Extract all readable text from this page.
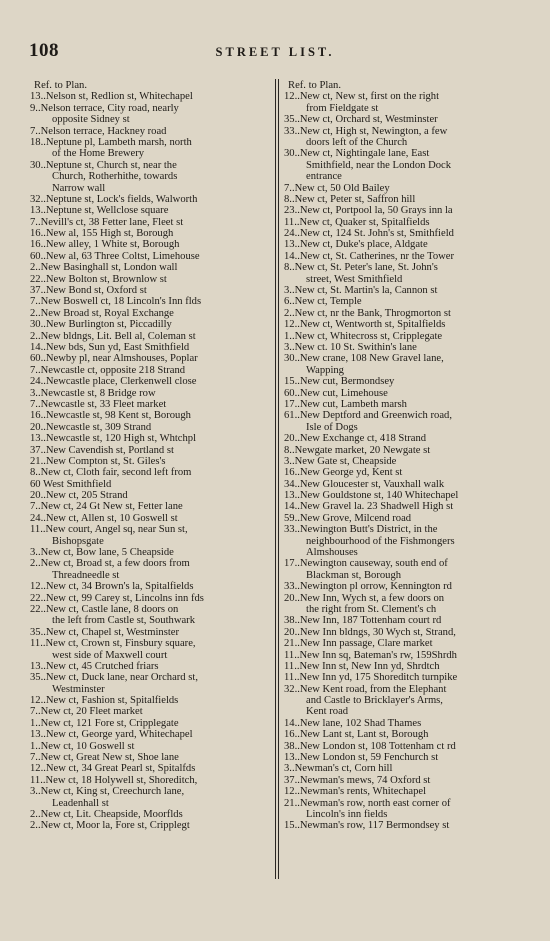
108	STREET LIST.
Ref. to Plan.
13..Nelson st, Redlion st, Whitechapel
9..Nelson terrace, City road, nearly
opposite Sidney st
7..Nelson terrace, Hackney road
18..Neptune pl, Lambeth marsh, north
of the Home Brewery
30..Neptune st, Church st, near the
Church, Rotherhithe, towards
Narrow wall
32..Neptune st, Lock's fields, Walworth
13..Neptune st, Wellclose square
7..Nevill's ct, 38 Fetter lane, Fleet st
16..New al, 155 High st, Borough
16..New alley, 1 White st, Borough
60..New al, 63 Three Coltst, Limehouse
2..New Basinghall st, London wall
22..New Bolton st, Brownlow st
37..New Bond st, Oxford st
7..New Boswell ct, 18 Lincoln's Inn flds
2..New Broad st, Royal Exchange
30..New Burlington st, Piccadilly
2..New bldngs, Lit. Bell al, Coleman st
14..New bds, Sun yd, East Smithfield
60..Newby pl, near Almshouses, Poplar
7..Newcastle ct, opposite 218 Strand
24..Newcastle place, Clerkenwell close
3..Newcastle st, 8 Bridge row
7..Newcastle st, 33 Fleet market
16..Newcastle st, 98 Kent st, Borough
20..Newcastle st, 309 Strand
13..Newcastle st, 120 High st, Whtchpl
37..New Cavendish st, Portland st
21..New Compton st, St. Giles's
8..New ct, Cloth fair, second left from
60 West Smithfield
20..New ct, 205 Strand
7..New ct, 24 Gt New st, Fetter lane
24..New ct, Allen st, 10 Goswell st
11..New court, Angel sq, near Sun st,
Bishopsgate
3..New ct, Bow lane, 5 Cheapside
2..New ct, Broad st, a few doors from
Threadneedle st
12..New ct, 34 Brown's la, Spitalfields
22..New ct, 99 Carey st, Lincolns inn fds
22..New ct, Castle lane, 8 doors on
the left from Castle st, Southwark
35..New ct, Chapel st, Westminster
11..New ct, Crown st, Finsbury square,
west side of Maxwell court
13..New ct, 45 Crutched friars
35..New ct, Duck lane, near Orchard st,
Westminster
12..New ct, Fashion st, Spitalfields
7..New ct, 20 Fleet market
1..New ct, 121 Fore st, Cripplegate
13..New ct, George yard, Whitechapel
1..New ct, 10 Goswell st
7..New ct, Great New st, Shoe lane
12..New ct, 34 Great Pearl st, Spitalfds
11..New ct, 18 Holywell st, Shoreditch,
3..New ct, King st, Creechurch lane,
Leadenhall st
2..New ct, Lit. Cheapside, Moorflds
2..New ct, Moor la, Fore st, Cripplegt
Ref. to Plan.
12..New ct, New st, first on the right
from Fieldgate st
35..New ct, Orchard st, Westminster
33..New ct, High st, Newington, a few
doors left of the Church
30..New ct, Nightingale lane, East
Smithfield, near the London Dock
entrance
7..New ct, 50 Old Bailey
8..New ct, Peter st, Saffron hill
23..New ct, Portpool la, 50 Grays inn la
11..New ct, Quaker st, Spitalfields
24..New ct, 124 St. John's st, Smithfield
13..New ct, Duke's place, Aldgate
14..New ct, St. Catherines, nr the Tower
8..New ct, St. Peter's lane, St. John's
street, West Smithfield
3..New ct, St. Martin's la, Cannon st
6..New ct, Temple
2..New ct, nr the Bank, Throgmorton st
12..New ct, Wentworth st, Spitalfields
1..New ct, Whitecross st, Cripplegate
3..New ct. 10 St. Swithin's lane
30..New crane, 108 New Gravel lane,
Wapping
15..New cut, Bermondsey
60..New cut, Limehouse
17..New cut, Lambeth marsh
61..New Deptford and Greenwich road,
Isle of Dogs
20..New Exchange ct, 418 Strand
8..Newgate market, 20 Newgate st
3..New Gate st, Cheapside
16..New George yd, Kent st
34..New Gloucester st, Vauxhall walk
13..New Gouldstone st, 140 Whitechapel
14..New Gravel la. 23 Shadwell High st
59..New Grove, Milcend road
33..Newington Butt's District, in the
neighbourhood of the Fishmongers
Almshouses
17..Newington causeway, south end of
Blackman st, Borough
33..Newington pl orrow, Kennington rd
20..New Inn, Wych st, a few doors on
the right from St. Clement's ch
38..New Inn, 187 Tottenham court rd
20..New Inn bldngs, 30 Wych st, Strand,
21..New Inn passage, Clare market
11..New Inn sq, Bateman's rw, 159Shrdh
11..New Inn st, New Inn yd, Shrdtch
11..New Inn yd, 175 Shoreditch turnpike
32..New Kent road, from the Elephant
and Castle to Bricklayer's Arms,
Kent road
14..New lane, 102 Shad Thames
16..New Lant st, Lant st, Borough
38..New London st, 108 Tottenham ct rd
13..New London st, 59 Fenchurch st
3..Newman's ct, Corn hill
37..Newman's mews, 74 Oxford st
12..Newman's rents, Whitechapel
21..Newman's row, north east corner of
Lincoln's inn fields
15..Newman's row, 117 Bermondsey st
